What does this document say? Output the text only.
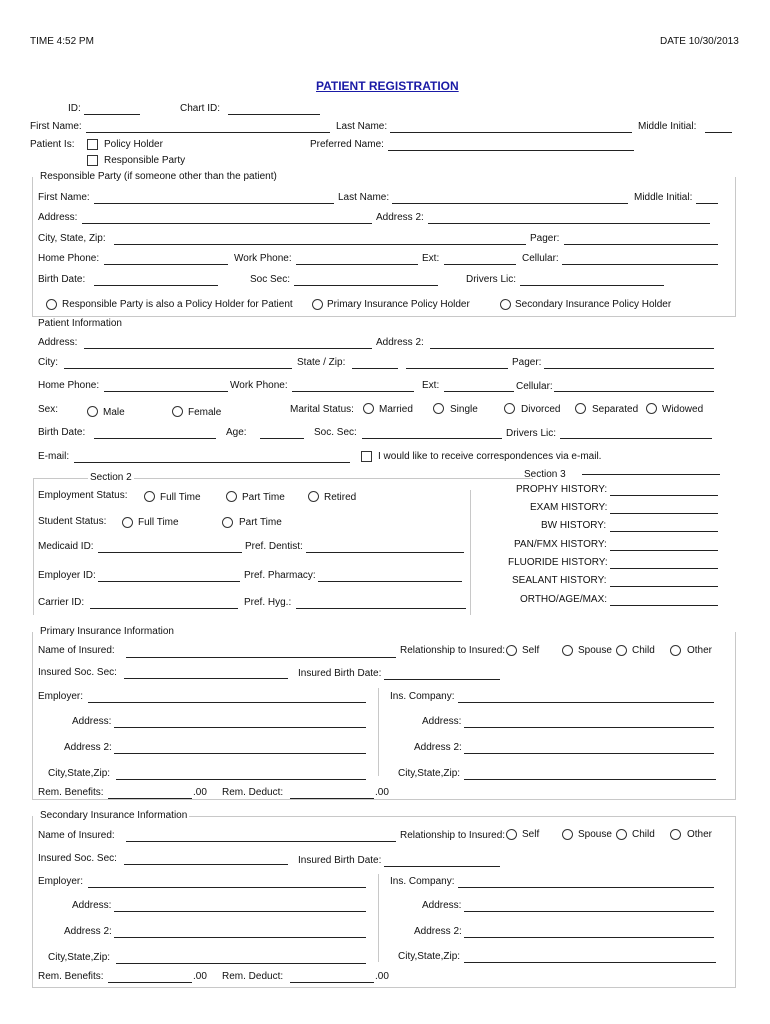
TIME 4:52 PM	DATE 10/30/2013
PATIENT REGISTRATION
ID:	Chart ID:
First Name:	Last Name:	Middle Initial:
Patient Is:	Policy Holder
Responsible Party
Preferred Name:
Responsible Party (if someone other than the patient)
First Name:	Last Name:	Middle Initial:
Address:	Address 2:
City, State, Zip:	Pager:
Home Phone:	Work Phone:	Ext:	Cellular:
Birth Date:	Soc Sec:	Drivers Lic:
Responsible Party is also a Policy Holder for Patient	Primary Insurance Policy Holder	Secondary Insurance Policy Holder
Patient Information
Address:	Address 2:
City:	State / Zip:	Pager:
Home Phone:	Work Phone:	Ext:	Cellular:
Sex:	Male	Female	Marital Status:	Married	Single	Divorced	Separated Widowed
Birth Date:	Age:	Soc. Sec:	Drivers Lic:
E-mail:	I would like to receive correspondences via e-mail.
Section 2	Section 3
Employment Status:	Full Time	Part Time	Retired
Student Status:	Full Time	Part Time
Medicaid ID:	Pref. Dentist:
Employer ID:	Pref. Pharmacy:
Carrier ID:	Pref. Hyg.:
PROPHY HISTORY:
EXAM HISTORY:
BW HISTORY:
PAN/FMX HISTORY:
FLUORIDE HISTORY:
SEALANT HISTORY:
ORTHO/AGE/MAX:
Primary Insurance Information
Name of Insured:	Relationship to Insured: Self	Spouse Child	Other
Insured Soc. Sec:	Insured Birth Date:
Employer:	Ins. Company:
Address:	Address:
Address 2:	Address 2:
City,State,Zip:	City,State,Zip:
Rem. Benefits:	.00 Rem. Deduct:	.00
Secondary Insurance Information
Name of Insured:	Relationship to Insured: Self	Spouse Child	Other
Insured Soc. Sec:	Insured Birth Date:
Employer:	Ins. Company:
Address:	Address:
Address 2:	Address 2:
City,State,Zip:	City,State,Zip:
Rem. Benefits:	.00 Rem. Deduct:	.00
